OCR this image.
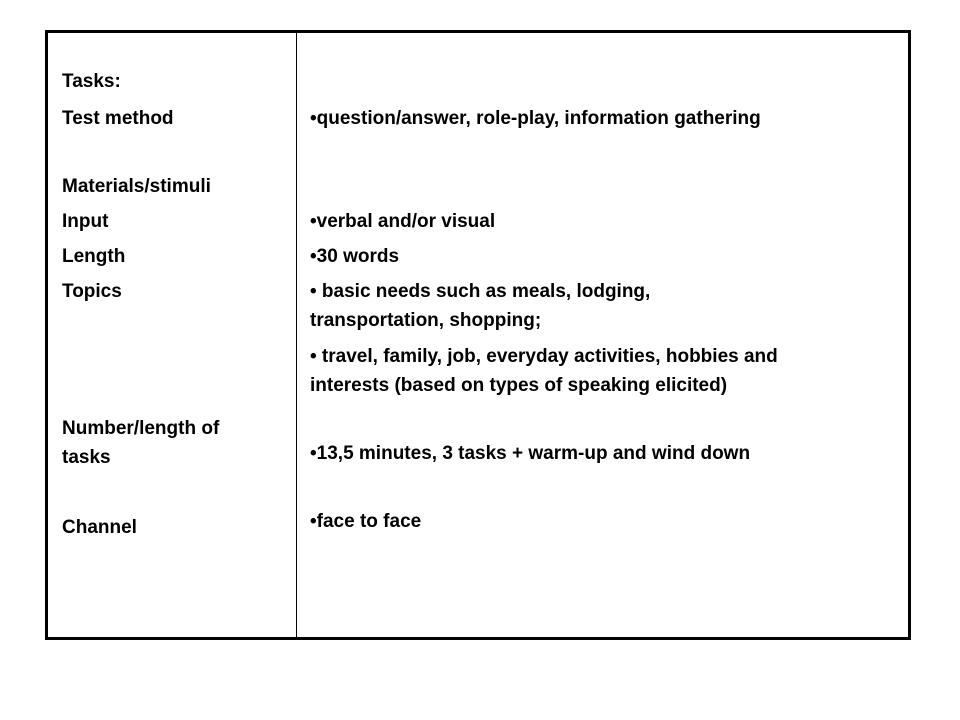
Tasks:
Test method
Materials/stimuli
Input
Length
Topics
Number/length of
tasks
Channel
•question/answer, role-play, information gathering
•verbal and/or visual
•30 words
• basic needs such as meals, lodging,
transportation, shopping;
• travel, family, job, everyday activities, hobbies and
interests (based on types of speaking elicited)
•13,5 minutes, 3 tasks + warm-up and wind down
•face to face
